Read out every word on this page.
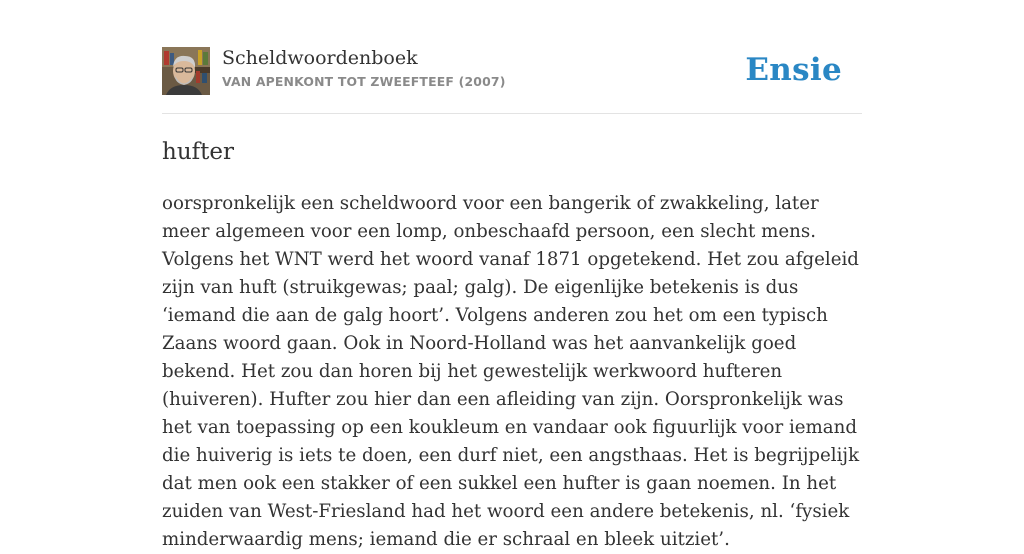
Scheldwoordenboek
VAN APENKONT TOT ZWEEFTEEF (2007)	Ensie
hufter

oorspronkelijk een scheldwoord voor een bangerik of zwakkeling, later meer algemeen voor een lomp, onbeschaafd persoon, een slecht mens. Volgens het WNT werd het woord vanaf 1871 opgetekend. Het zou afgeleid zijn van huft (struikgewas; paal; galg). De eigenlijke betekenis is dus ‘iemand die aan de galg hoort’. Volgens anderen zou het om een typisch Zaans woord gaan. Ook in Noord-Holland was het aanvankelijk goed bekend. Het zou dan horen bij het gewestelijk werkwoord hufteren (huiveren). Hufter zou hier dan een afleiding van zijn. Oorspronkelijk was het van toepassing op een koukleum en vandaar ook figuurlijk voor iemand die huiverig is iets te doen, een durf niet, een angsthaas. Het is begrijpelijk dat men ook een stakker of een sukkel een hufter is gaan noemen. In het zuiden van West-Friesland had het woord een andere betekenis, nl. ‘fysiek minderwaardig mens; iemand die er schraal en bleek uitziet’.
